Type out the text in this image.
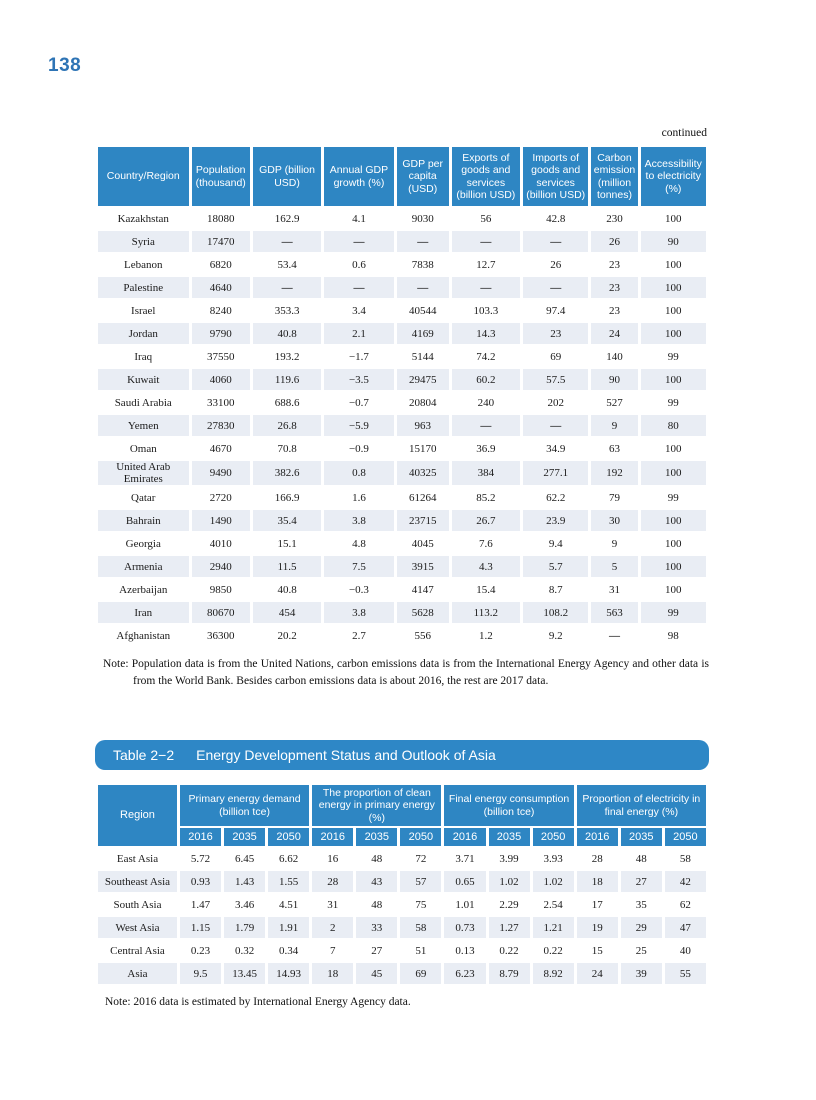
138
continued
Country/Region	Population (thousand)	GDP (billion USD)	Annual GDP growth (%)	GDP per capita (USD)	Exports of goods and services (billion USD)	Imports of goods and services (billion USD)	Carbon emission (million tonnes)	Accessibility to electricity (%)
Kazakhstan	18080	162.9	4.1	9030	56	42.8	230	100
Syria	17470	—	—	—	—	—	26	90
Lebanon	6820	53.4	0.6	7838	12.7	26	23	100
Palestine	4640	—	—	—	—	—	23	100
Israel	8240	353.3	3.4	40544	103.3	97.4	23	100
Jordan	9790	40.8	2.1	4169	14.3	23	24	100
Iraq	37550	193.2	−1.7	5144	74.2	69	140	99
Kuwait	4060	119.6	−3.5	29475	60.2	57.5	90	100
Saudi Arabia	33100	688.6	−0.7	20804	240	202	527	99
Yemen	27830	26.8	−5.9	963	—	—	9	80
Oman	4670	70.8	−0.9	15170	36.9	34.9	63	100
United Arab Emirates	9490	382.6	0.8	40325	384	277.1	192	100
Qatar	2720	166.9	1.6	61264	85.2	62.2	79	99
Bahrain	1490	35.4	3.8	23715	26.7	23.9	30	100
Georgia	4010	15.1	4.8	4045	7.6	9.4	9	100
Armenia	2940	11.5	7.5	3915	4.3	5.7	5	100
Azerbaijan	9850	40.8	−0.3	4147	15.4	8.7	31	100
Iran	80670	454	3.8	5628	113.2	108.2	563	99
Afghanistan	36300	20.2	2.7	556	1.2	9.2	—	98

Note: Population data is from the United Nations, carbon emissions data is from the International Energy Agency and other data is from the World Bank. Besides carbon emissions data is about 2016, the rest are 2017 data.

Table 2−2 Energy Development Status and Outlook of Asia
Region	Primary energy demand (billion tce)			The proportion of clean energy in primary energy (%)			Final energy consumption (billion tce)			Proportion of electricity in final energy (%)		
	2016	2035	2050	2016	2035	2050	2016	2035	2050	2016	2035	2050
East Asia	5.72	6.45	6.62	16	48	72	3.71	3.99	3.93	28	48	58
Southeast Asia	0.93	1.43	1.55	28	43	57	0.65	1.02	1.02	18	27	42
South Asia	1.47	3.46	4.51	31	48	75	1.01	2.29	2.54	17	35	62
West Asia	1.15	1.79	1.91	2	33	58	0.73	1.27	1.21	19	29	47
Central Asia	0.23	0.32	0.34	7	27	51	0.13	0.22	0.22	15	25	40
Asia	9.5	13.45	14.93	18	45	69	6.23	8.79	8.92	24	39	55

Note: 2016 data is estimated by International Energy Agency data.
